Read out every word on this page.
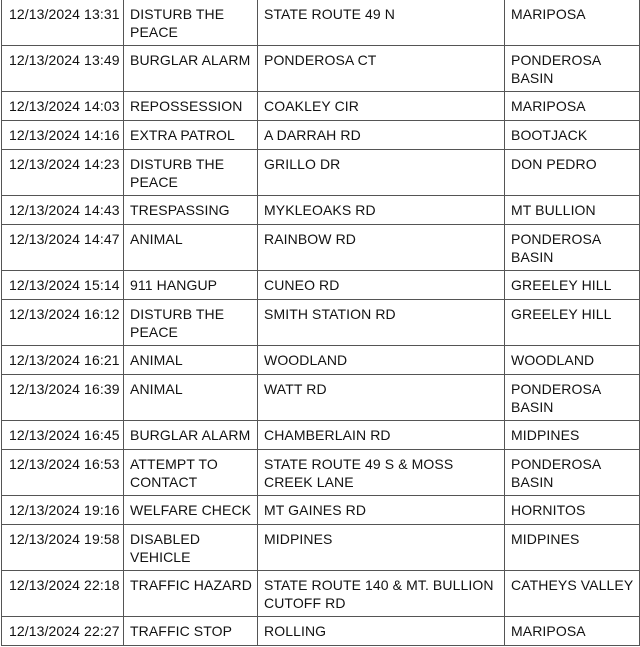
12/13/2024 13:31	DISTURB THE PEACE	STATE ROUTE 49 N	MARIPOSA
12/13/2024 13:49	BURGLAR ALARM	PONDEROSA CT	PONDEROSA BASIN
12/13/2024 14:03	REPOSSESSION	COAKLEY CIR	MARIPOSA
12/13/2024 14:16	EXTRA PATROL	A DARRAH RD	BOOTJACK
12/13/2024 14:23	DISTURB THE PEACE	GRILLO DR	DON PEDRO
12/13/2024 14:43	TRESPASSING	MYKLEOAKS RD	MT BULLION
12/13/2024 14:47	ANIMAL	RAINBOW RD	PONDEROSA BASIN
12/13/2024 15:14	911 HANGUP	CUNEO RD	GREELEY HILL
12/13/2024 16:12	DISTURB THE PEACE	SMITH STATION RD	GREELEY HILL
12/13/2024 16:21	ANIMAL	WOODLAND	WOODLAND
12/13/2024 16:39	ANIMAL	WATT RD	PONDEROSA BASIN
12/13/2024 16:45	BURGLAR ALARM	CHAMBERLAIN RD	MIDPINES
12/13/2024 16:53	ATTEMPT TO CONTACT	STATE ROUTE 49 S & MOSS CREEK LANE	PONDEROSA BASIN
12/13/2024 19:16	WELFARE CHECK	MT GAINES RD	HORNITOS
12/13/2024 19:58	DISABLED VEHICLE	MIDPINES	MIDPINES
12/13/2024 22:18	TRAFFIC HAZARD	STATE ROUTE 140 & MT. BULLION CUTOFF RD	CATHEYS VALLEY
12/13/2024 22:27	TRAFFIC STOP	ROLLING	MARIPOSA
